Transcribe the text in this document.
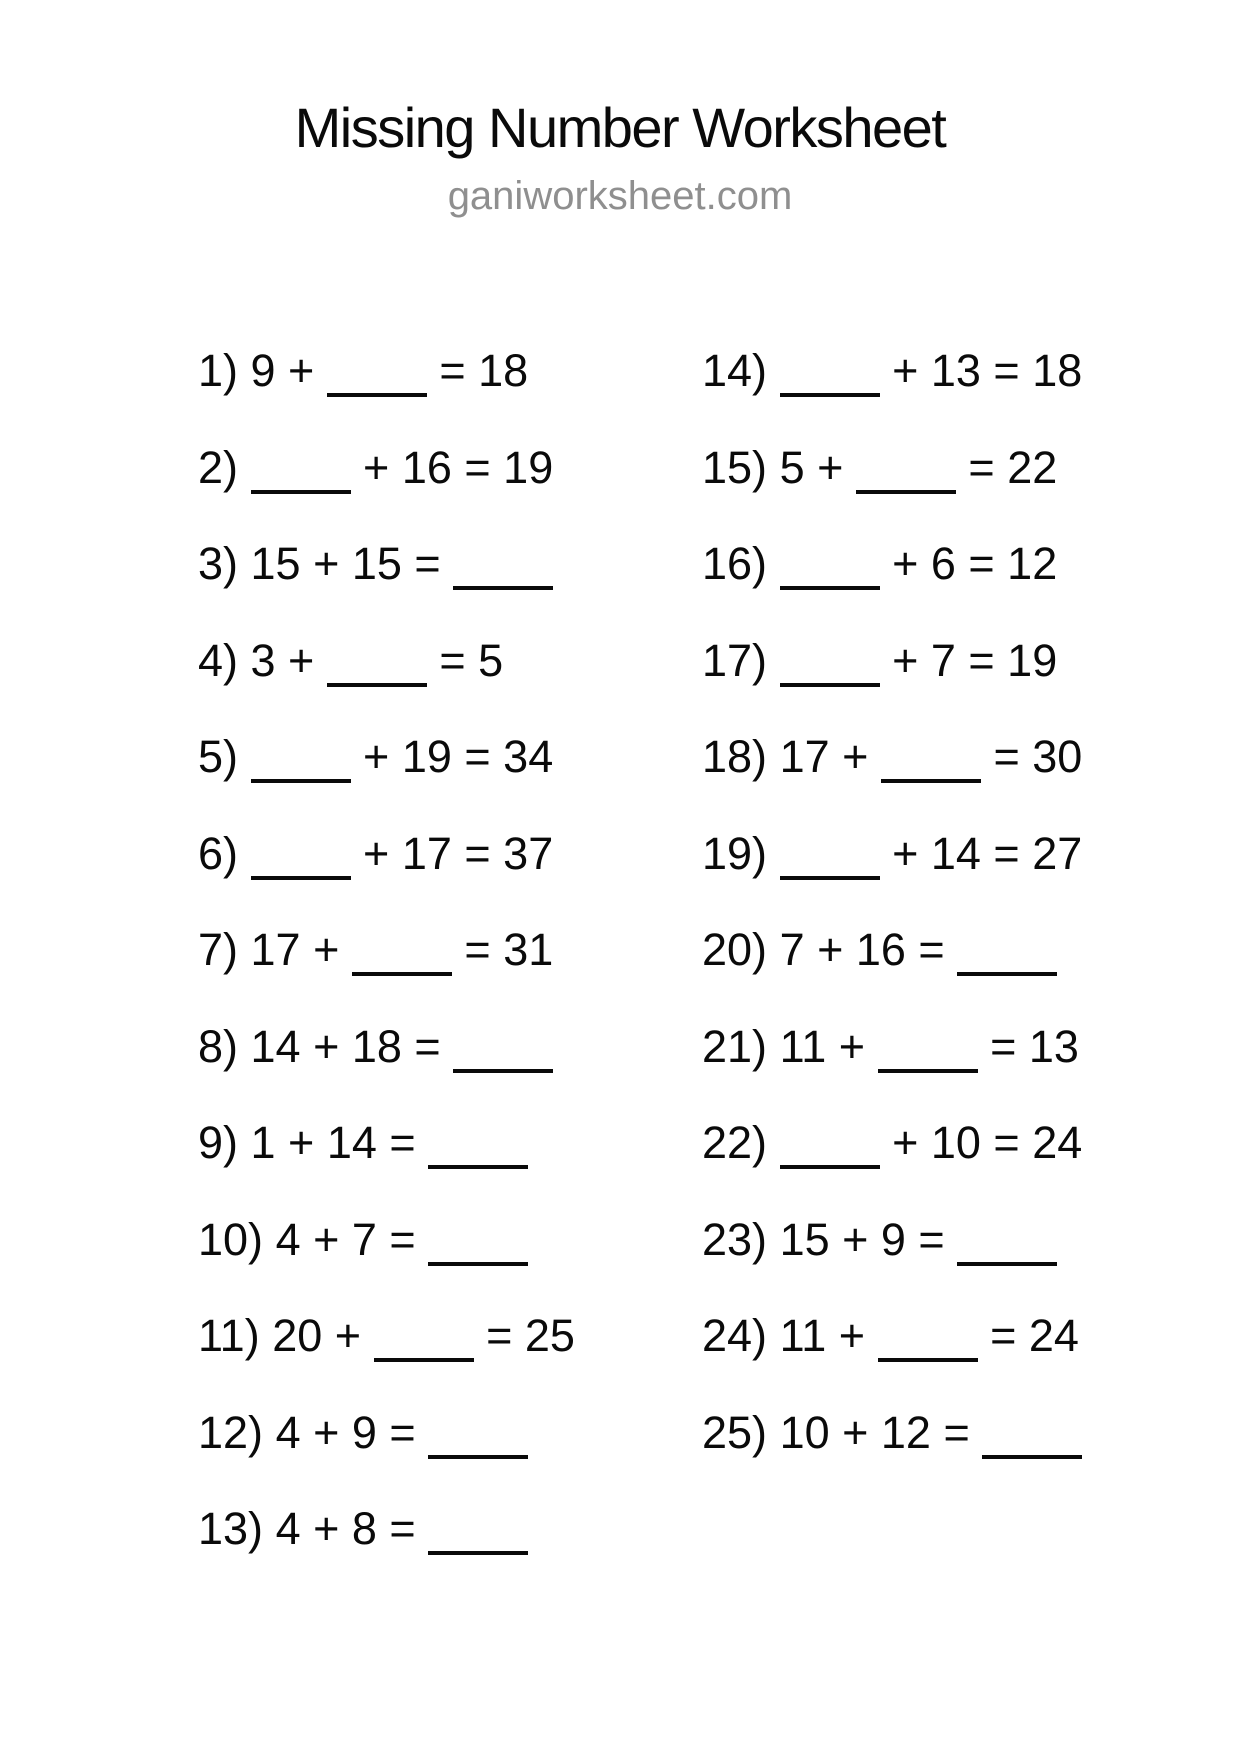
Missing Number Worksheet
ganiworksheet.com
1) 9 +	= 18
2)	+ 16 = 19
3) 15 + 15 =
4) 3 +	= 5
5)	+ 19 = 34
6)	+ 17 = 37
7) 17 +	= 31
8) 14 + 18 =
9) 1 + 14 =
10) 4 + 7 =
11) 20 +	= 25
12) 4 + 9 =
13) 4 + 8 =
14)	+ 13 = 18
15) 5 +	= 22
16)	+ 6 = 12
17)	+ 7 = 19
18) 17 +	= 30
19)	+ 14 = 27
20) 7 + 16 =
21) 11 +	= 13
22)	+ 10 = 24
23) 15 + 9 =
24) 11 +	= 24
25) 10 + 12 =
